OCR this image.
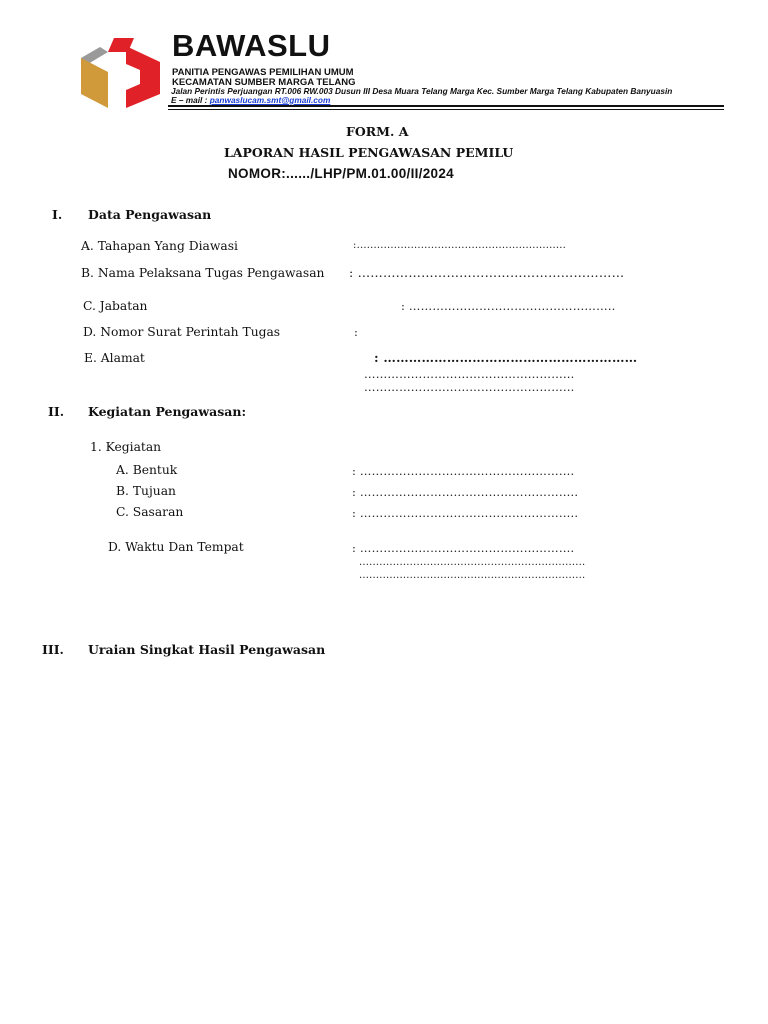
BAWASLU
PANITIA PENGAWAS PEMILIHAN UMUM
KECAMATAN SUMBER MARGA TELANG
Jalan Perintis Perjuangan RT.006 RW.003 Dusun III Desa Muara Telang Marga Kec. Sumber Marga Telang Kabupaten Banyuasin
E – mail : panwaslucam.smt@gmail.com
FORM. A
LAPORAN HASIL PENGAWASAN PEMILU
NOMOR:....../LHP/PM.01.00/II/2024
I. Data Pengawasan
A. Tahapan Yang Diawasi	:..............................................................
B. Nama Pelaksana Tugas Pengawasan : ………………………………………………………
C. Jabatan	: ……………………………………………..
D. Nomor Surat Perintah Tugas	:
E. Alamat	: ……………………………………………………
………………………………………………
………………………………………………
II. Kegiatan Pengawasan:
1. Kegiatan
A. Bentuk	: ……………………………………………….
B. Tujuan	: ………………………………………………..
C. Sasaran	: ………………………………………………..
D. Waktu Dan Tempat	: ……………………………………………….
...................................................................
...................................................................
III. Uraian Singkat Hasil Pengawasan
